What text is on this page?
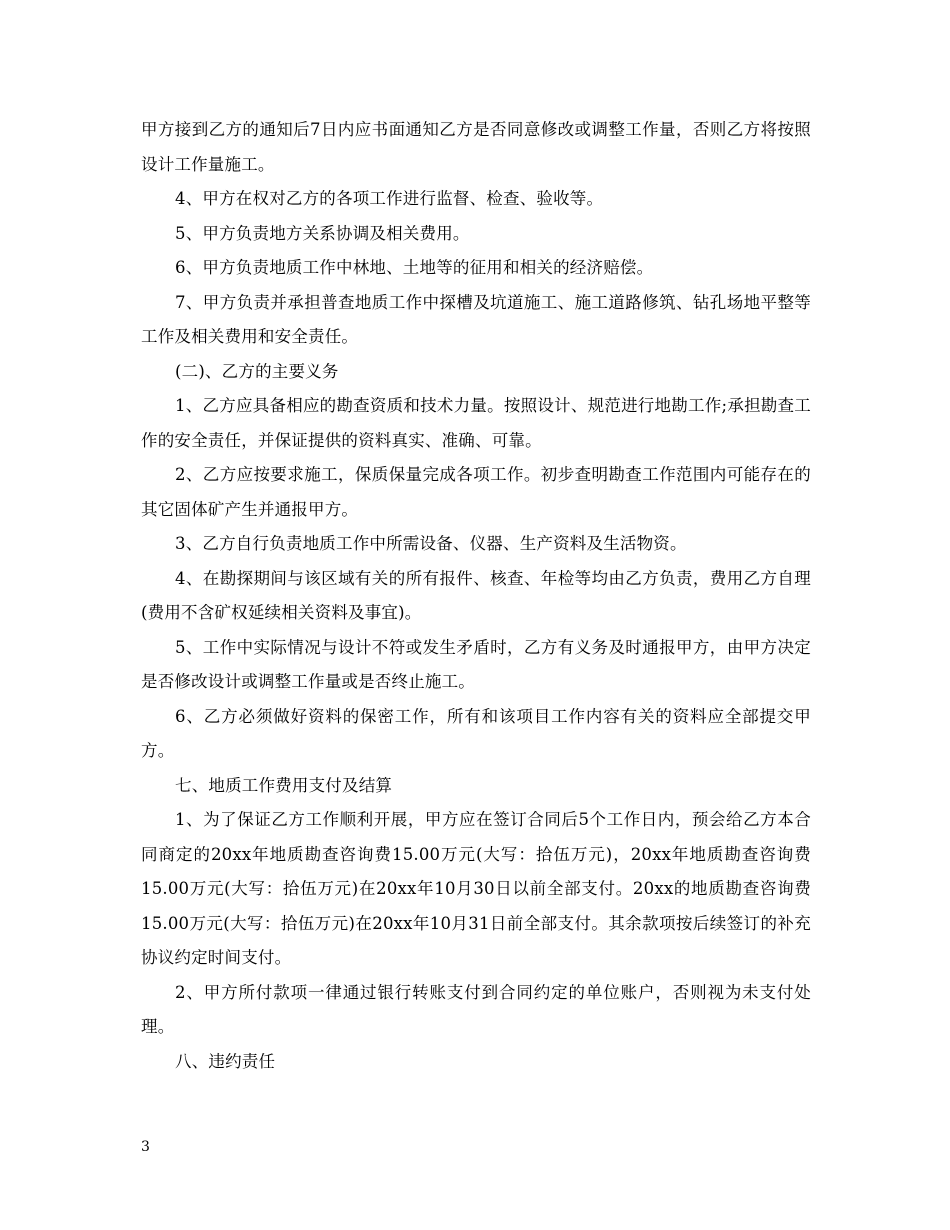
甲方接到乙方的通知后7日内应书面通知乙方是否同意修改或调整工作量，否则乙方将按照设计工作量施工。

4、甲方在权对乙方的各项工作进行监督、检查、验收等。

5、甲方负责地方关系协调及相关费用。

6、甲方负责地质工作中林地、土地等的征用和相关的经济赔偿。

7、甲方负责并承担普查地质工作中探槽及坑道施工、施工道路修筑、钻孔场地平整等工作及相关费用和安全责任。

(二)、乙方的主要义务

1、乙方应具备相应的勘查资质和技术力量。按照设计、规范进行地勘工作;承担勘查工作的安全责任，并保证提供的资料真实、准确、可靠。

2、乙方应按要求施工，保质保量完成各项工作。初步查明勘查工作范围内可能存在的其它固体矿产生并通报甲方。

3、乙方自行负责地质工作中所需设备、仪器、生产资料及生活物资。

4、在勘探期间与该区域有关的所有报件、核查、年检等均由乙方负责，费用乙方自理(费用不含矿权延续相关资料及事宜)。

5、工作中实际情况与设计不符或发生矛盾时，乙方有义务及时通报甲方，由甲方决定是否修改设计或调整工作量或是否终止施工。

6、乙方必须做好资料的保密工作，所有和该项目工作内容有关的资料应全部提交甲方。

七、地质工作费用支付及结算

1、为了保证乙方工作顺利开展，甲方应在签订合同后5个工作日内，预会给乙方本合同商定的20xx年地质勘查咨询费15.00万元(大写：拾伍万元)，20xx年地质勘查咨询费15.00万元(大写：拾伍万元)在20xx年10月30日以前全部支付。20xx的地质勘查咨询费15.00万元(大写：拾伍万元)在20xx年10月31日前全部支付。其余款项按后续签订的补充协议约定时间支付。

2、甲方所付款项一律通过银行转账支付到合同约定的单位账户，否则视为未支付处理。

八、违约责任

3
